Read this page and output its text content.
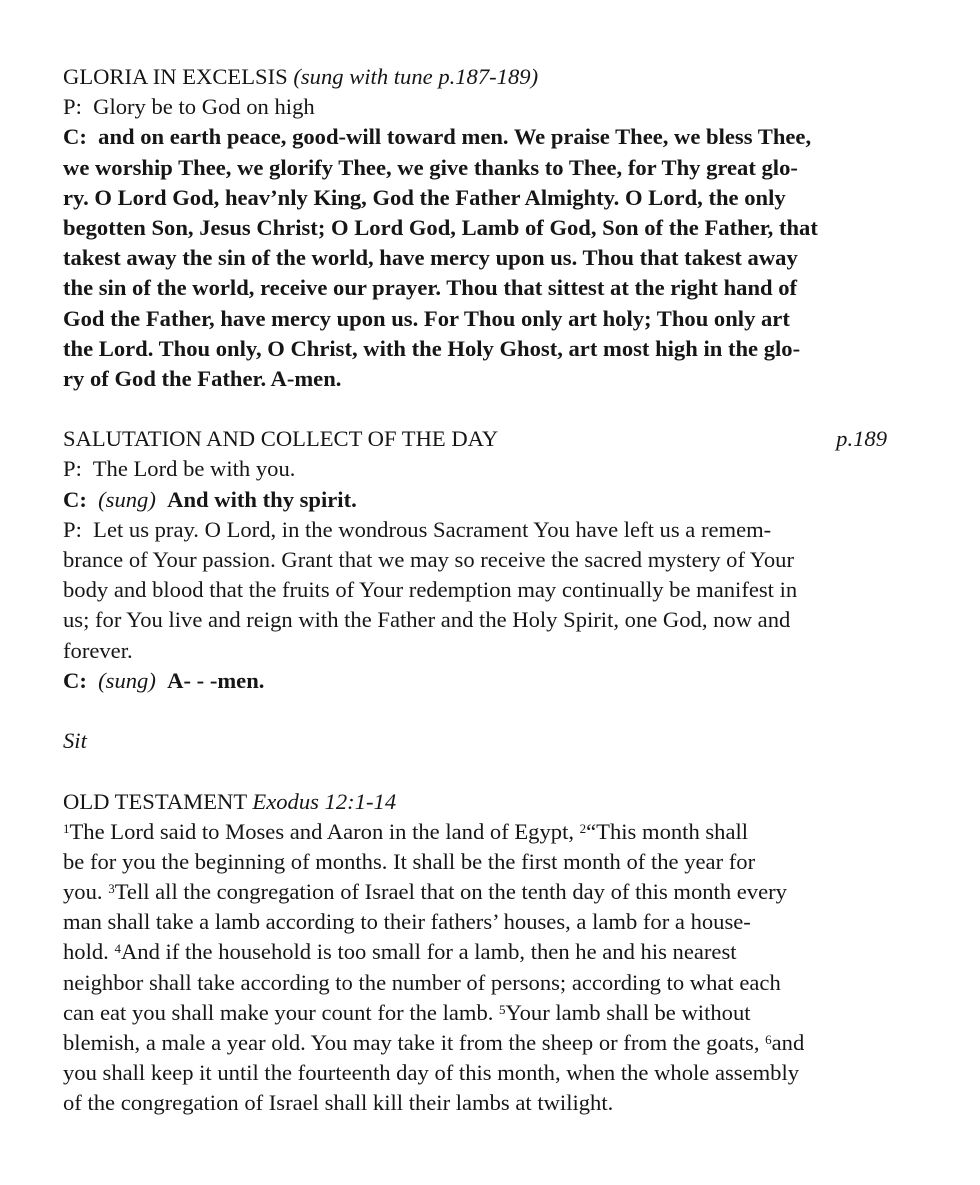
GLORIA IN EXCELSIS (sung with tune p.187-189)
P: Glory be to God on high
C: and on earth peace, good-will toward men. We praise Thee, we bless Thee,
we worship Thee, we glorify Thee, we give thanks to Thee, for Thy great glo-
ry. O Lord God, heav’nly King, God the Father Almighty. O Lord, the only
begotten Son, Jesus Christ; O Lord God, Lamb of God, Son of the Father, that
takest away the sin of the world, have mercy upon us. Thou that takest away
the sin of the world, receive our prayer. Thou that sittest at the right hand of
God the Father, have mercy upon us. For Thou only art holy; Thou only art
the Lord. Thou only, O Christ, with the Holy Ghost, art most high in the glo-
ry of God the Father. A-men.
SALUTATION AND COLLECT OF THE DAY	p.189
P: The Lord be with you.
C: (sung) And with thy spirit.
P: Let us pray. O Lord, in the wondrous Sacrament You have left us a remem-
brance of Your passion. Grant that we may so receive the sacred mystery of Your
body and blood that the fruits of Your redemption may continually be manifest in
us; for You live and reign with the Father and the Holy Spirit, one God, now and
forever.
C: (sung) A- - -men.
Sit
OLD TESTAMENT Exodus 12:1-14
$^1$The Lord said to Moses and Aaron in the land of Egypt, $^2$“This month shall
be for you the beginning of months. It shall be the first month of the year for
you. $^3$Tell all the congregation of Israel that on the tenth day of this month every
man shall take a lamb according to their fathers’ houses, a lamb for a house-
hold. $^4$And if the household is too small for a lamb, then he and his nearest
neighbor shall take according to the number of persons; according to what each
can eat you shall make your count for the lamb. $^5$Your lamb shall be without
blemish, a male a year old. You may take it from the sheep or from the goats, $^6$and
you shall keep it until the fourteenth day of this month, when the whole assembly
of the congregation of Israel shall kill their lambs at twilight.
